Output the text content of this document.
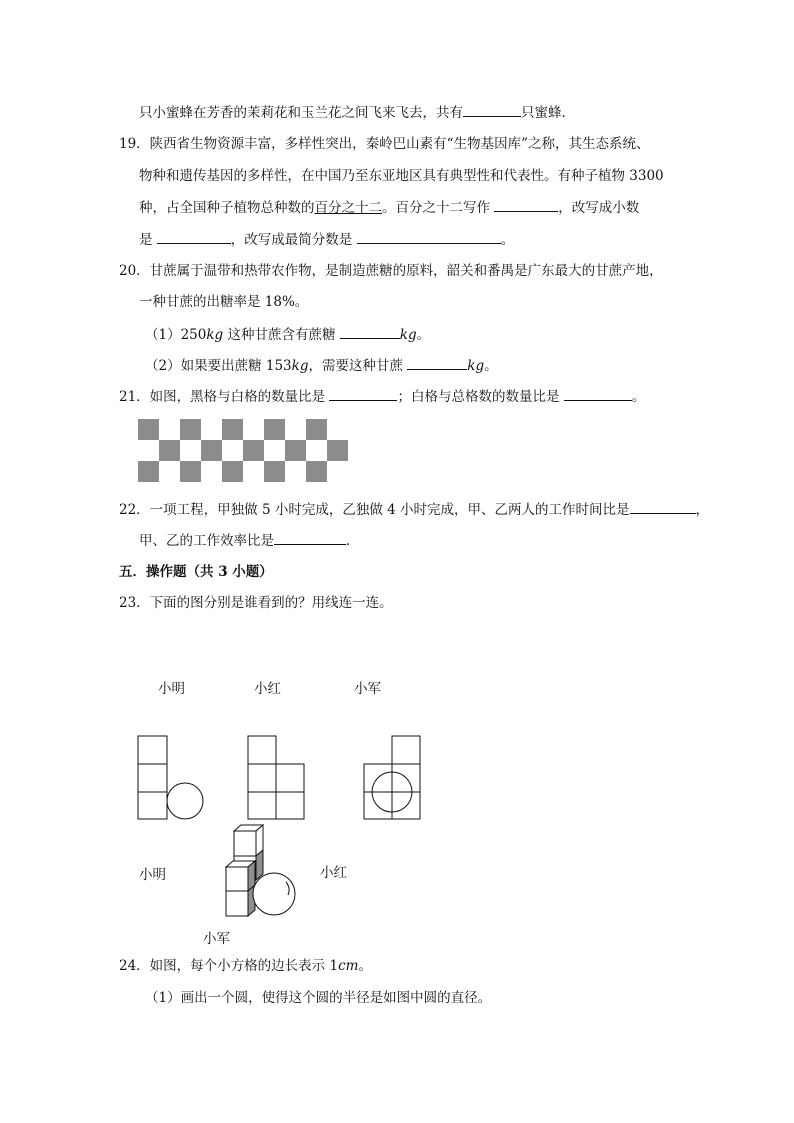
只小蜜蜂在芳香的茉莉花和玉兰花之间飞来飞去，共有	只蜜蜂．
19．陕西省生物资源丰富，多样性突出，秦岭巴山素有“生物基因库”之称，其生态系统、
物种和遗传基因的多样性，在中国乃至东亚地区具有典型性和代表性。有种子植物 3300
种，占全国种子植物总种数的百分之十二。百分之十二写作	，改写成小数
是	，改写成最简分数是	。
20．甘蔗属于温带和热带农作物，是制造蔗糖的原料，韶关和番禺是广东最大的甘蔗产地，
一种甘蔗的出糖率是 18%。
（1）250kg 这种甘蔗含有蔗糖	kg。
（2）如果要出蔗糖 153kg，需要这种甘蔗	kg。
21．如图，黑格与白格的数量比是	；白格与总格数的数量比是	。
22．一项工程，甲独做 5 小时完成，乙独做 4 小时完成，甲、乙两人的工作时间比是	，
甲、乙的工作效率比是	．
五．操作题（共 3 小题）
23．下面的图分别是谁看到的？用线连一连。
小明	小红	小军
小明	小红
小军
24．如图，每个小方格的边长表示 1cm。
（1）画出一个圆，使得这个圆的半径是如图中圆的直径。
